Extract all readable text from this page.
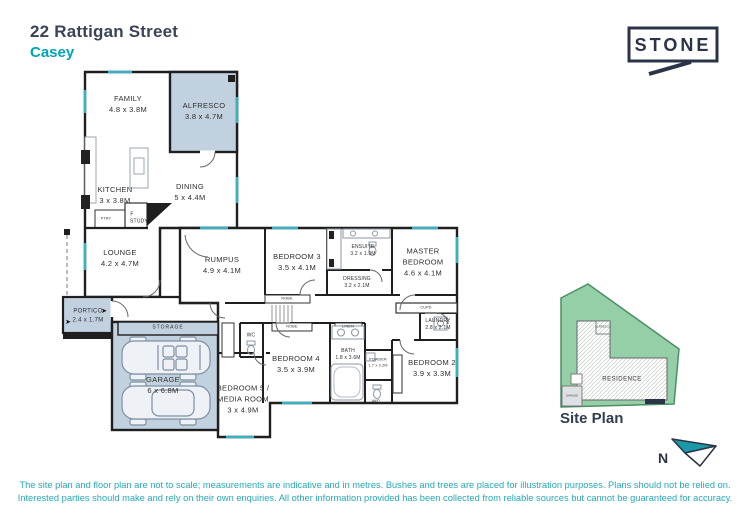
22 Rattigan Street
Casey	STONE
FAMILY
4.8 x 3.8M	ALFRESCO
3.8 x 4.7M
KITCHEN
3 x 3.8M
DINING
5 x 4.4M
LOUNGE
4.2 x 4.7M
PORTICO
2.4 x 1.7M
RUMPUS
4.9 x 4.1M
BEDROOM 3
3.5 x 4.1M
ENSUITE
3.2 x 1.9M
DRESSING
3.2 x 2.1M
MASTER BEDROOM
4.6 x 4.1M
LAUNDRY
2.8 x 2.1M
GARAGE
6 x 6.8M	BEDROOM 5 / MEDIA ROOM
3 x 4.9M
BEDROOM 4
3.5 x 3.9M
BATH
1.8 x 3.6M POWDER
1.7 x 3.2M	BEDROOM 2
3.9 x 3.3M
STORAGE
STUDY
PTRY
F
WC
WC
CUPD
ROBE
ROBE	LINEN
➤
➤
RESIDENCE
ALFRESCO
GARAGE
Site Plan
N
The site plan and floor plan are not to scale; measurements are indicative and in metres. Bushes and trees are placed for illustration purposes. Plans should not be relied on.
Interested parties should make and rely on their own enquiries. All other information provided has been collected from reliable sources but cannot be guaranteed for accuracy.
